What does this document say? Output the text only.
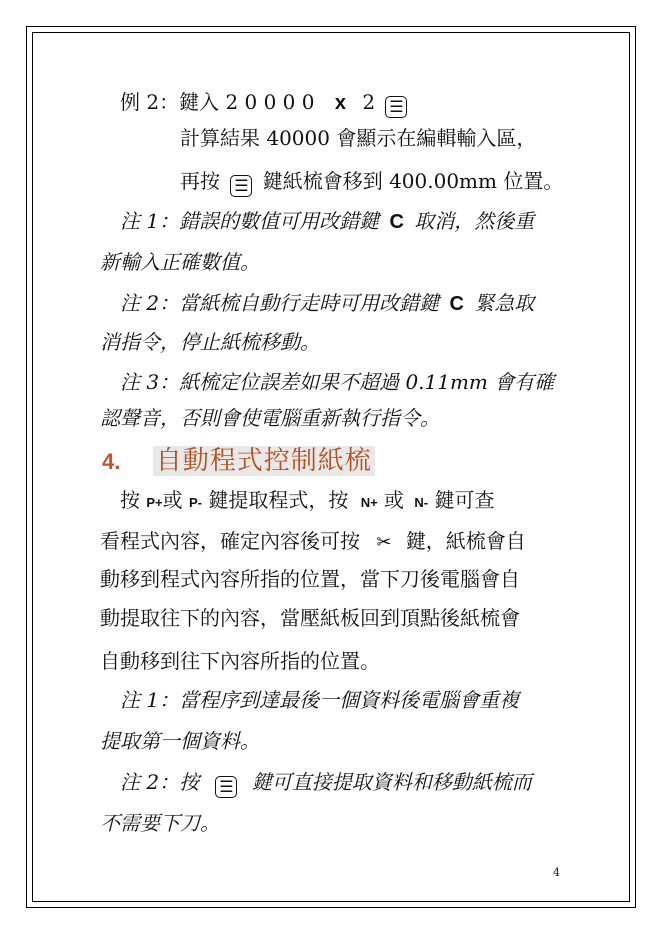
例 2：鍵入 2 0 0 0 0 x 2 ☰
計算結果 40000 會顯示在編輯輸入區，
再按 ☰ 鍵紙梳會移到 400.00mm 位置。
注 1：錯誤的數值可用改錯鍵 C 取消，然後重
新輸入正確數值。
注 2：當紙梳自動行走時可用改錯鍵 C 緊急取
消指令，停止紙梳移動。
注 3：紙梳定位誤差如果不超過 0.11mm 會有確
認聲音，否則會使電腦重新執行指令。
4. 自動程式控制紙梳
按 P+或 P- 鍵提取程式，按 N+ 或 N- 鍵可查
看程式內容，確定內容後可按 ✂ 鍵，紙梳會自
動移到程式內容所指的位置，當下刀後電腦會自
動提取往下的內容，當壓紙板回到頂點後紙梳會
自動移到往下內容所指的位置。
注 1：當程序到達最後一個資料後電腦會重複
提取第一個資料。
注 2：按 ☰ 鍵可直接提取資料和移動紙梳而
不需要下刀。
4
